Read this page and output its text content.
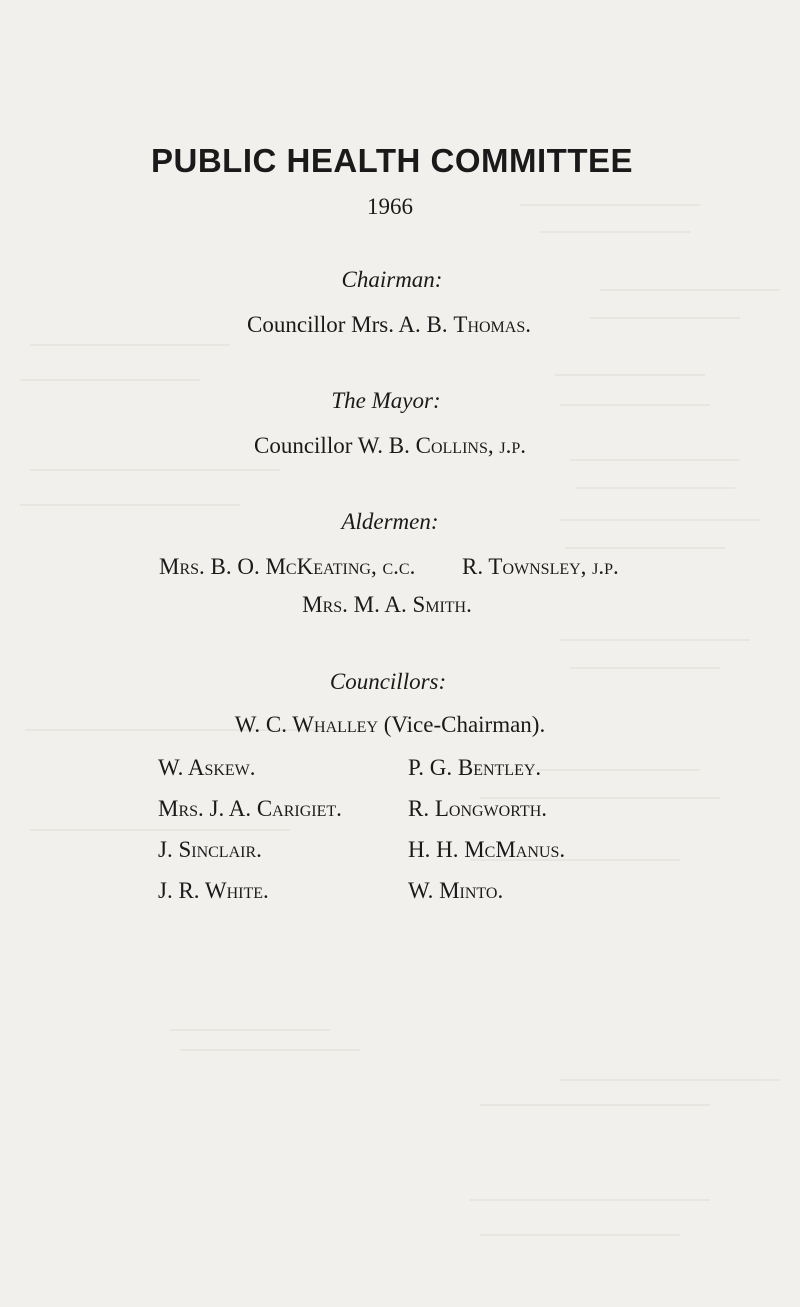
PUBLIC HEALTH COMMITTEE
1966
Chairman:
Councillor Mrs. A. B. Thomas.
The Mayor:
Councillor W. B. Collins, j.p.
Aldermen:
Mrs. B. O. McKeating, c.c. R. Townsley, j.p.
Mrs. M. A. Smith.
Councillors:
W. C. Whalley (Vice-Chairman).
W. Askew.
Mrs. J. A. Carigiet.
J. Sinclair.
J. R. White.
P. G. Bentley.
R. Longworth.
H. H. McManus.
W. Minto.
